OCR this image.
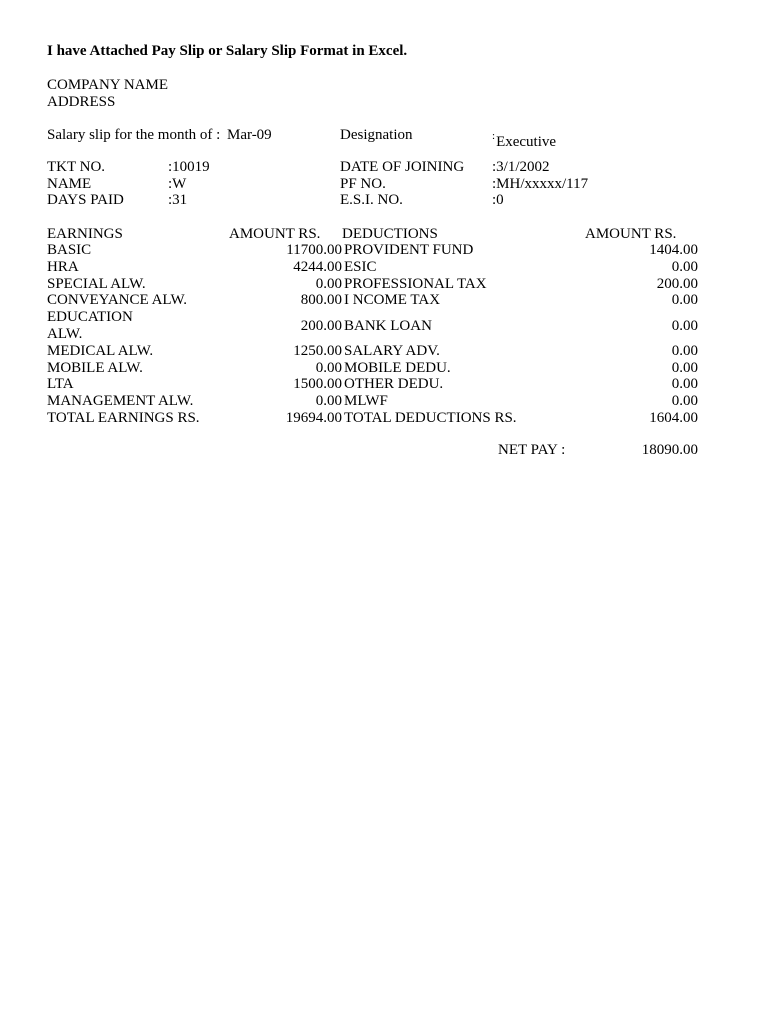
I have Attached Pay Slip or Salary Slip Format in Excel.
COMPANY NAME
ADDRESS
Salary slip for the month of : Mar-09	Designation	:Executive
TKT NO.	:10019	DATE OF JOINING :3/1/2002
NAME	:W	PF NO.	:MH/xxxxx/117
DAYS PAID	:31	E.S.I. NO.	:0
EARNINGS	AMOUNT RS. DEDUCTIONS	AMOUNT RS.
BASIC	11700.00 PROVIDENT FUND	1404.00
HRA	4244.00 ESIC	0.00
SPECIAL ALW.	0.00 PROFESSIONAL TAX	200.00
CONVEYANCE ALW.	800.00 I NCOME TAX	0.00
EDUCATION
ALW.	200.00 BANK LOAN	0.00
MEDICAL ALW.	1250.00 SALARY ADV.	0.00
MOBILE ALW.	0.00 MOBILE DEDU.	0.00
LTA	1500.00 OTHER DEDU.	0.00
MANAGEMENT ALW.	0.00 MLWF	0.00
TOTAL EARNINGS RS.	19694.00 TOTAL DEDUCTIONS RS.	1604.00
NET PAY :	18090.00
